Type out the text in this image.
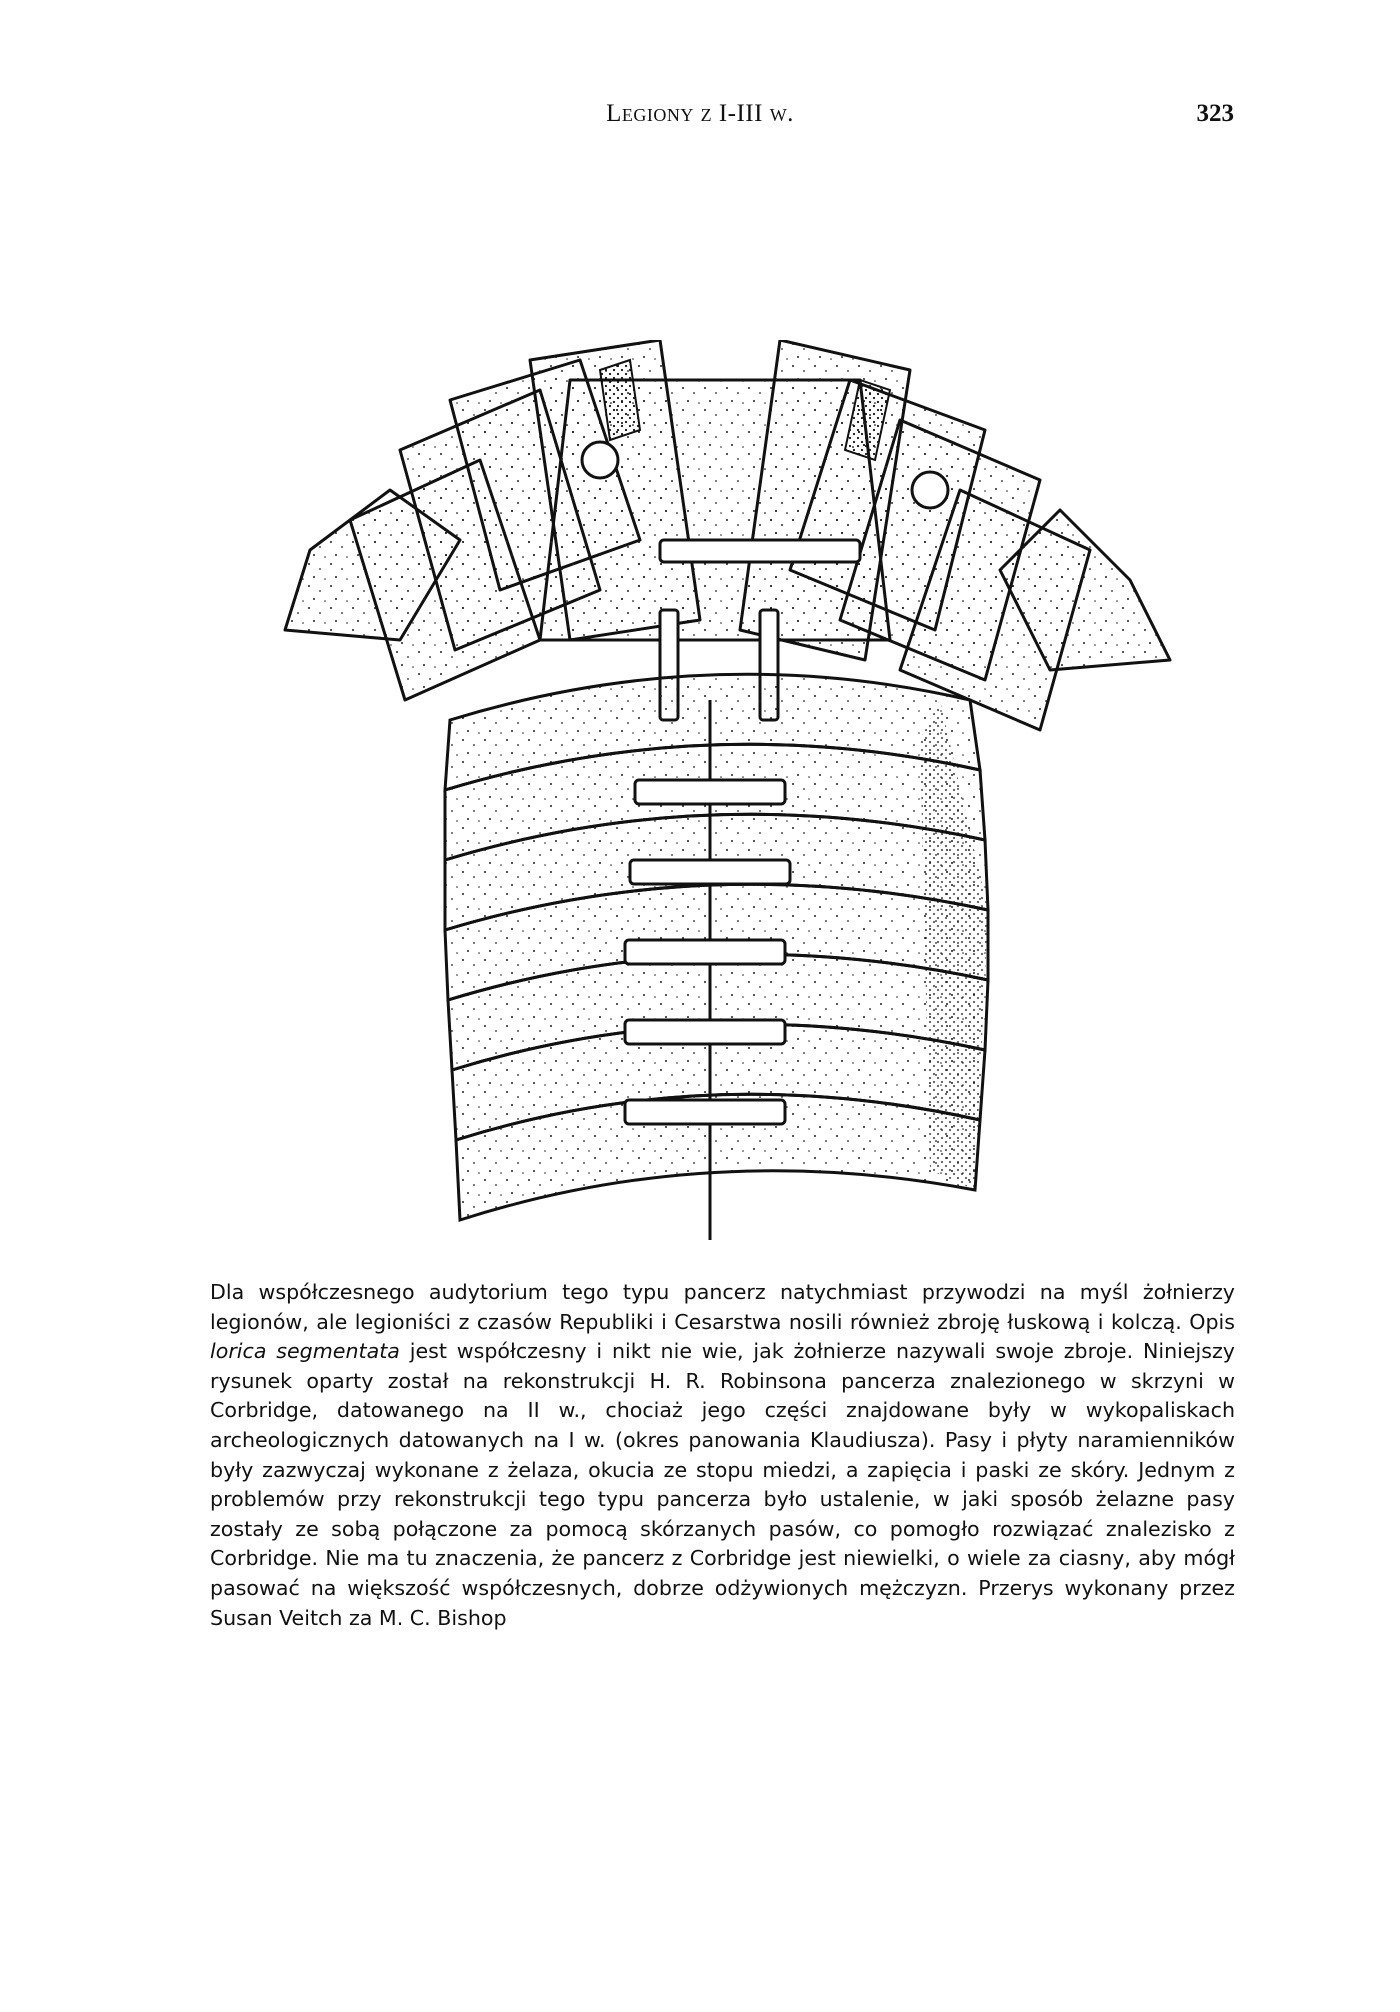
Legiony z I-III w.	323

Dla współczesnego audytorium tego typu pancerz natychmiast przywodzi na myśl żołnierzy legionów, ale legioniści z czasów Republiki i Cesarstwa nosili również zbroję łuskową i kolczą. Opis lorica segmentata jest współczesny i nikt nie wie, jak żołnierze nazywali swoje zbroje. Niniejszy rysunek oparty został na rekonstrukcji H. R. Robinsona pancerza znalezionego w skrzyni w Corbridge, datowanego na II w., chociaż jego części znajdowane były w wykopaliskach archeologicznych datowanych na I w. (okres panowania Klaudiusza). Pasy i płyty naramienników były zazwyczaj wykonane z żelaza, okucia ze stopu miedzi, a zapięcia i paski ze skóry. Jednym z problemów przy rekonstrukcji tego typu pancerza było ustalenie, w jaki sposób żelazne pasy zostały ze sobą połączone za pomocą skórzanych pasów, co pomogło rozwiązać znalezisko z Corbridge. Nie ma tu znaczenia, że pancerz z Corbridge jest niewielki, o wiele za ciasny, aby mógł pasować na większość współczesnych, dobrze odżywionych mężczyzn. Przerys wykonany przez Susan Veitch za M. C. Bishop
